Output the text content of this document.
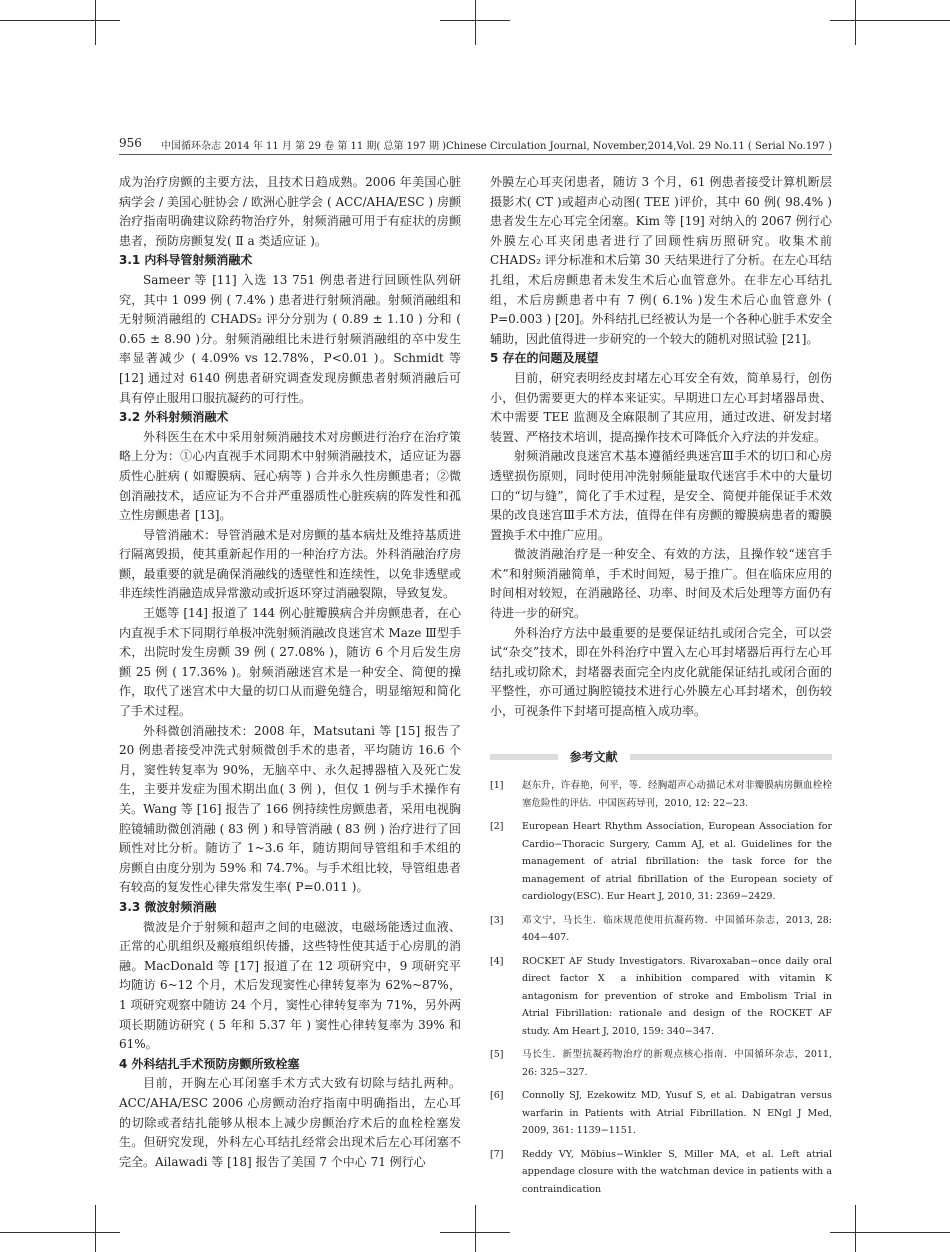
956 中国循环杂志 2014 年 11 月 第 29 卷 第 11 期( 总第 197 期 )Chinese Circulation Journal, November,2014,Vol. 29 No.11 ( Serial No.197 )

成为治疗房颤的主要方法，且技术日趋成熟。2006 年美国心脏病学会 / 美国心脏协会 / 欧洲心脏学会 ( ACC/AHA/ESC ) 房颤治疗指南明确建议除药物治疗外，射频消融可用于有症状的房颤患者，预防房颤复发( Ⅱ a 类适应证 )。

3.1 内科导管射频消融术

Sameer 等 [11] 入选 13 751 例患者进行回顾性队列研究，其中 1 099 例 ( 7.4% ) 患者进行射频消融。射频消融组和无射频消融组的 CHADS₂ 评分分别为 ( 0.89 ± 1.10 ) 分和 ( 0.65 ± 8.90 )分。射频消融组比未进行射频消融组的卒中发生率显著减少 ( 4.09% vs 12.78%，P<0.01 )。Schmidt 等 [12] 通过对 6140 例患者研究调查发现房颤患者射频消融后可具有停止服用口服抗凝药的可行性。

3.2 外科射频消融术

外科医生在术中采用射频消融技术对房颤进行治疗在治疗策略上分为：①心内直视手术同期术中射频消融技术，适应证为器质性心脏病 ( 如瓣膜病、冠心病等 ) 合并永久性房颤患者；②微创消融技术，适应证为不合并严重器质性心脏疾病的阵发性和孤立性房颤患者 [13]。

导管消融术：导管消融术是对房颤的基本病灶及维持基质进行隔离毁损，使其重新起作用的一种治疗方法。外科消融治疗房颤，最重要的就是确保消融线的透壁性和连续性，以免非透壁或非连续性消融造成异常激动或折返环穿过消融裂隙，导致复发。

王嫕等 [14] 报道了 144 例心脏瓣膜病合并房颤患者，在心内直视手术下同期行单极冲洗射频消融改良迷宫术 Maze Ⅲ型手术，出院时发生房颤 39 例 ( 27.08% )，随访 6 个月后发生房颤 25 例 ( 17.36% )。射频消融迷宫术是一种安全、简便的操作，取代了迷宫术中大量的切口从而避免缝合，明显缩短和简化了手术过程。

外科微创消融技术：2008 年，Matsutani 等 [15] 报告了 20 例患者接受冲洗式射频微创手术的患者，平均随访 16.6 个月，窦性转复率为 90%，无脑卒中、永久起搏器植入及死亡发生，主要并发症为围术期出血( 3 例 )，但仅 1 例与手术操作有关。Wang 等 [16] 报告了 166 例持续性房颤患者，采用电视胸腔镜辅助微创消融 ( 83 例 ) 和导管消融 ( 83 例 ) 治疗进行了回顾性对比分析。随访了 1~3.6 年，随访期间导管组和手术组的房颤自由度分别为 59% 和 74.7%。与手术组比较，导管组患者有较高的复发性心律失常发生率( P=0.011 )。

3.3 微波射频消融

微波是介于射频和超声之间的电磁波，电磁场能透过血液、正常的心肌组织及瘢痕组织传播，这些特性使其适于心房肌的消融。MacDonald 等 [17] 报道了在 12 项研究中，9 项研究平均随访 6~12 个月，术后发现窦性心律转复率为 62%~87%，1 项研究观察中随访 24 个月，窦性心律转复率为 71%，另外两项长期随访研究 ( 5 年和 5.37 年 ) 窦性心律转复率为 39% 和 61%。

4 外科结扎手术预防房颤所致栓塞

目前，开胸左心耳闭塞手术方式大致有切除与结扎两种。ACC/AHA/ESC 2006 心房颤动治疗指南中明确指出，左心耳的切除或者结扎能够从根本上减少房颤治疗术后的血栓栓塞发生。但研究发现，外科左心耳结扎经常会出现术后左心耳闭塞不完全。Ailawadi 等 [18] 报告了美国 7 个中心 71 例行心

外膜左心耳夹闭患者，随访 3 个月，61 例患者接受计算机断层摄影术( CT )或超声心动图( TEE )评价，其中 60 例( 98.4% )患者发生左心耳完全闭塞。Kim 等 [19] 对纳入的 2067 例行心外膜左心耳夹闭患者进行了回顾性病历照研究。收集术前 CHADS₂ 评分标准和术后第 30 天结果进行了分析。在左心耳结扎组，术后房颤患者未发生术后心血管意外。在非左心耳结扎组，术后房颤患者中有 7 例( 6.1% )发生术后心血管意外 ( P=0.003 ) [20]。外科结扎已经被认为是一个各种心脏手术安全辅助，因此值得进一步研究的一个较大的随机对照试验 [21]。

5 存在的问题及展望

目前，研究表明经皮封堵左心耳安全有效，简单易行，创伤小，但仍需要更大的样本来证实。早期进口左心耳封堵器昂贵、术中需要 TEE 监测及全麻限制了其应用，通过改进、研发封堵装置、严格技术培训，提高操作技术可降低介入疗法的并发症。

射频消融改良迷宫术基本遵循经典迷宫Ⅲ手术的切口和心房透壁损伤原则，同时使用冲洗射频能量取代迷宫手术中的大量切口的“切与缝”，简化了手术过程，是安全、简便并能保证手术效果的改良迷宫Ⅲ手术方法，值得在伴有房颤的瓣膜病患者的瓣膜置换手术中推广应用。

微波消融治疗是一种安全、有效的方法，且操作较“迷宫手术”和射频消融简单，手术时间短，易于推广。但在临床应用的时间相对较短，在消融路径、功率、时间及术后处理等方面仍有待进一步的研究。

外科治疗方法中最重要的是要保证结扎或闭合完全，可以尝试“杂交”技术，即在外科治疗中置入左心耳封堵器后再行左心耳结扎或切除术，封堵器表面完全内皮化就能保证结扎或闭合面的平整性，亦可通过胸腔镜技术进行心外膜左心耳封堵术，创伤较小，可视条件下封堵可提高植入成功率。

参考文献
[1]	赵东升，许春艳，何平，等．经胸超声心动描记术对非瓣膜病房颤血栓栓塞危险性的评估．中国医药导刊，2010, 12: 22−23.
[2]	European Heart Rhythm Association, European Association for Cardio−Thoracic Surgery, Camm AJ, et al. Guidelines for the management of atrial fibrillation: the task force for the management of atrial fibrillation of the European society of cardiology(ESC). Eur Heart J, 2010, 31: 2369−2429.
[3]	邓文宁，马长生．临床规范使用抗凝药物．中国循环杂志，2013, 28: 404−407.
[4]	ROCKET AF Study Investigators. Rivaroxaban−once daily oral direct factor Ⅹ a inhibition compared with vitamin K antagonism for prevention of stroke and Embolism Trial in Atrial Fibrillation: rationale and design of the ROCKET AF study. Am Heart J, 2010, 159: 340−347.
[5]	马长生．新型抗凝药物治疗的新观点核心指南．中国循环杂志，2011, 26: 325−327.
[6]	Connolly SJ, Ezekowitz MD, Yusuf S, et al. Dabigatran versus warfarin in Patients with Atrial Fibrillation. N ENgl J Med, 2009, 361: 1139−1151.
[7]	Reddy VY, Möbius−Winkler S, Miller MA, et al. Left atrial appendage closure with the watchman device in patients with a contraindication
